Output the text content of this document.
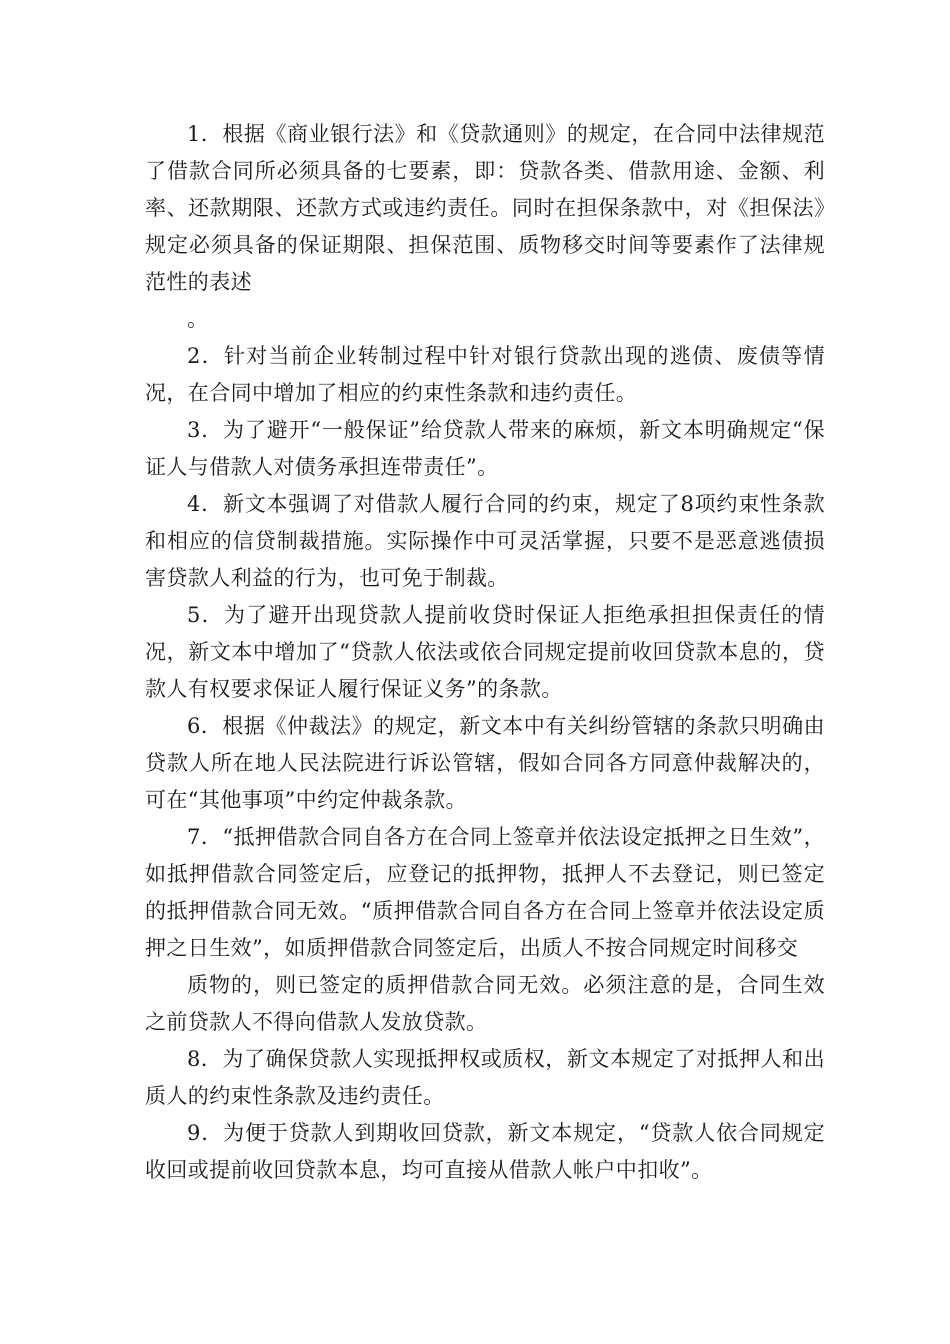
1．根据《商业银行法》和《贷款通则》的规定，在合同中法律规范了借款合同所必须具备的七要素，即：贷款各类、借款用途、金额、利率、还款期限、还款方式或违约责任。同时在担保条款中，对《担保法》规定必须具备的保证期限、担保范围、质物移交时间等要素作了法律规范性的表述

。

2．针对当前企业转制过程中针对银行贷款出现的逃债、废债等情况，在合同中增加了相应的约束性条款和违约责任。

3．为了避开“一般保证”给贷款人带来的麻烦，新文本明确规定“保证人与借款人对债务承担连带责任”。

4．新文本强调了对借款人履行合同的约束，规定了8项约束性条款和相应的信贷制裁措施。实际操作中可灵活掌握，只要不是恶意逃债损害贷款人利益的行为，也可免于制裁。

5．为了避开出现贷款人提前收贷时保证人拒绝承担担保责任的情况，新文本中增加了“贷款人依法或依合同规定提前收回贷款本息的，贷款人有权要求保证人履行保证义务”的条款。

6．根据《仲裁法》的规定，新文本中有关纠纷管辖的条款只明确由贷款人所在地人民法院进行诉讼管辖，假如合同各方同意仲裁解决的，可在“其他事项”中约定仲裁条款。

7．“抵押借款合同自各方在合同上签章并依法设定抵押之日生效”，如抵押借款合同签定后，应登记的抵押物，抵押人不去登记，则已签定的抵押借款合同无效。“质押借款合同自各方在合同上签章并依法设定质押之日生效”，如质押借款合同签定后，出质人不按合同规定时间移交

质物的，则已签定的质押借款合同无效。必须注意的是，合同生效之前贷款人不得向借款人发放贷款。

8．为了确保贷款人实现抵押权或质权，新文本规定了对抵押人和出质人的约束性条款及违约责任。

9．为便于贷款人到期收回贷款，新文本规定，“贷款人依合同规定收回或提前收回贷款本息，均可直接从借款人帐户中扣收”。
